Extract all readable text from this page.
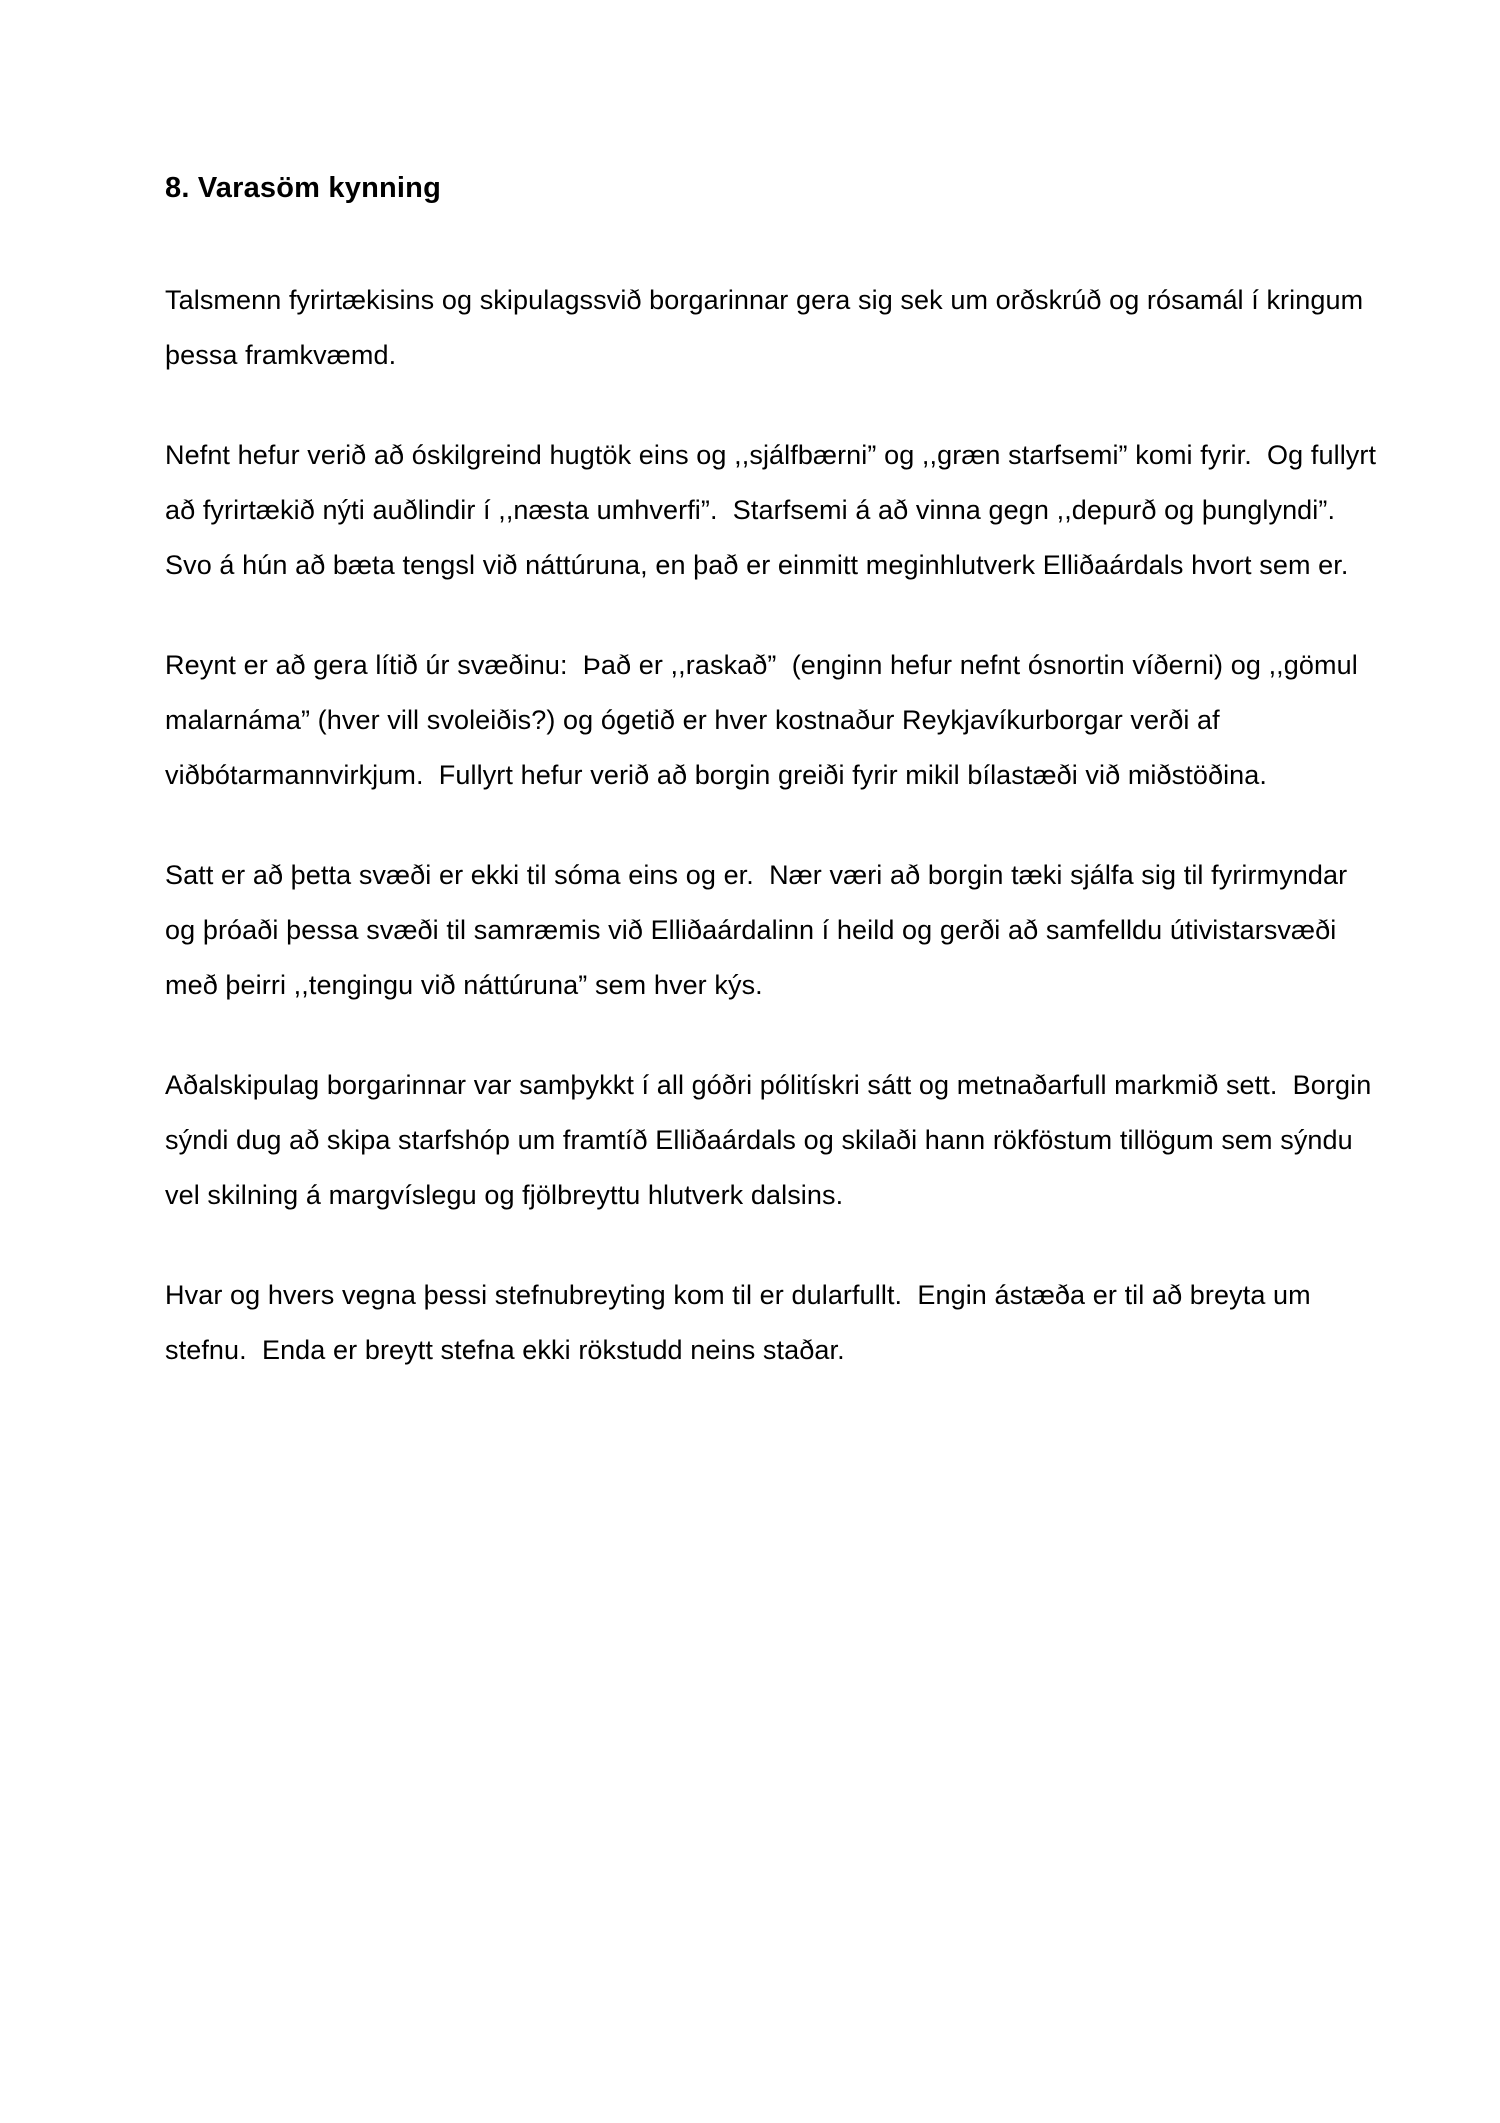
8. Varasöm kynning

Talsmenn fyrirtækisins og skipulagssvið borgarinnar gera sig sek um orðskrúð og rósamál í kringum þessa framkvæmd.

Nefnt hefur verið að óskilgreind hugtök eins og ,,sjálfbærni” og ,,græn starfsemi” komi fyrir.  Og fullyrt að fyrirtækið nýti auðlindir í ,,næsta umhverfi”.  Starfsemi á að vinna gegn ,,depurð og þunglyndi”.  Svo á hún að bæta tengsl við náttúruna, en það er einmitt meginhlutverk Elliðaárdals hvort sem er.

Reynt er að gera lítið úr svæðinu:  Það er ,,raskað”  (enginn hefur nefnt ósnortin víðerni) og ,,gömul malarnáma” (hver vill svoleiðis?) og ógetið er hver kostnaður Reykjavíkurborgar verði af viðbótarmannvirkjum.  Fullyrt hefur verið að borgin greiði fyrir mikil bílastæði við miðstöðina.

Satt er að þetta svæði er ekki til sóma eins og er.  Nær væri að borgin tæki sjálfa sig til fyrirmyndar og þróaði þessa svæði til samræmis við Elliðaárdalinn í heild og gerði að samfelldu útivistarsvæði með þeirri ,,tengingu við náttúruna” sem hver kýs.

Aðalskipulag borgarinnar var samþykkt í all góðri pólitískri sátt og metnaðarfull markmið sett.  Borgin sýndi dug að skipa starfshóp um framtíð Elliðaárdals og skilaði hann rökföstum tillögum sem sýndu vel skilning á margvíslegu og fjölbreyttu hlutverk dalsins.

Hvar og hvers vegna þessi stefnubreyting kom til er dularfullt.  Engin ástæða er til að breyta um stefnu.  Enda er breytt stefna ekki rökstudd neins staðar.
